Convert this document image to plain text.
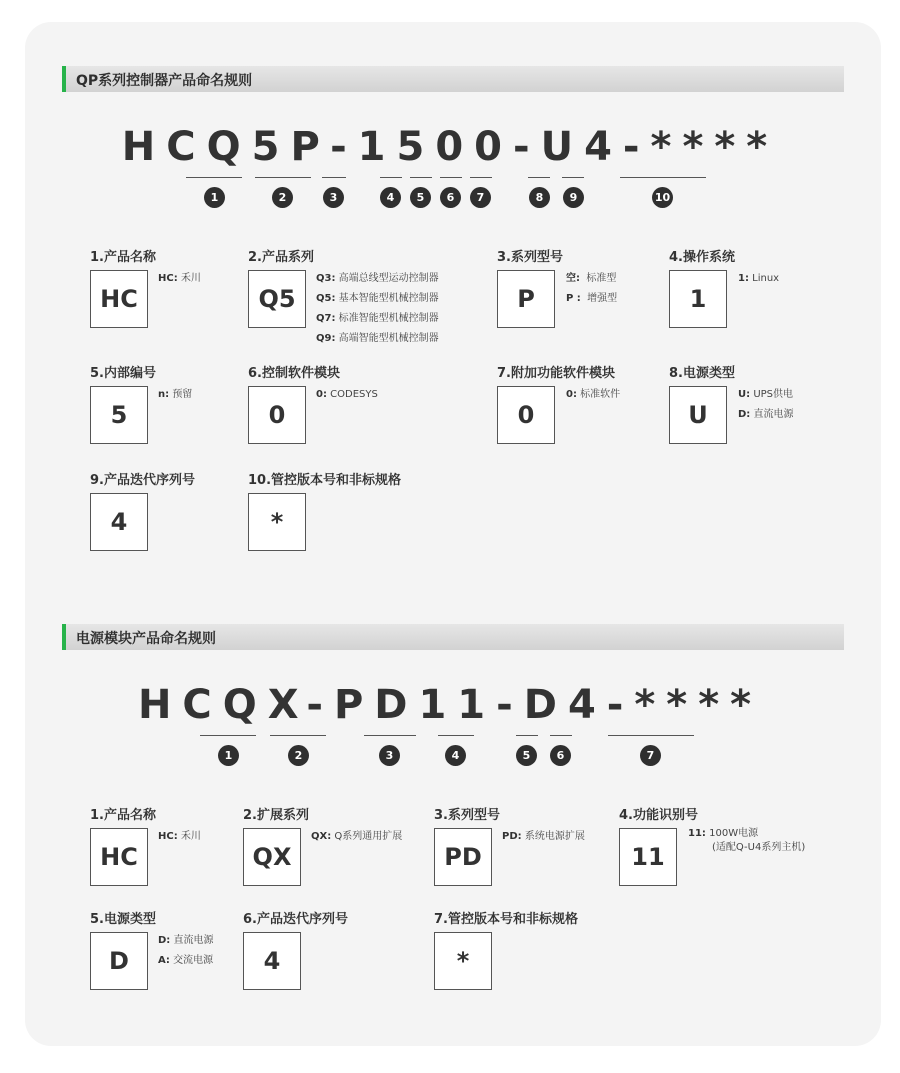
QP系列控制器产品命名规则
HCQ5P-1500-U4-****
1	2	3	4	5	6	7	8	9	10
1.产品名称
HC
HC: 禾川
2.产品系列
Q5
Q3: 高端总线型运动控制器
Q5: 基本智能型机械控制器
Q7: 标准智能型机械控制器
Q9: 高端智能型机械控制器
3.系列型号
P
空: 标准型
P : 增强型
4.操作系统
1
1: Linux
5.内部编号
5
n: 预留
6.控制软件模块
0
0: CODESYS
7.附加功能软件模块
0
0: 标准软件
8.电源类型
U
U: UPS供电
D: 直流电源
9.产品迭代序列号
4
10.管控版本号和非标规格
*
电源模块产品命名规则
HCQX-PD11-D4-****
1	2	3	4	5	6	7
1.产品名称
HC
HC: 禾川
2.扩展系列
QX
QX: Q系列通用扩展
3.系列型号
PD
PD: 系统电源扩展
4.功能识别号
11
11: 100W电源
(适配Q-U4系列主机)
5.电源类型
D
D: 直流电源
A: 交流电源
6.产品迭代序列号
4
7.管控版本号和非标规格
*
